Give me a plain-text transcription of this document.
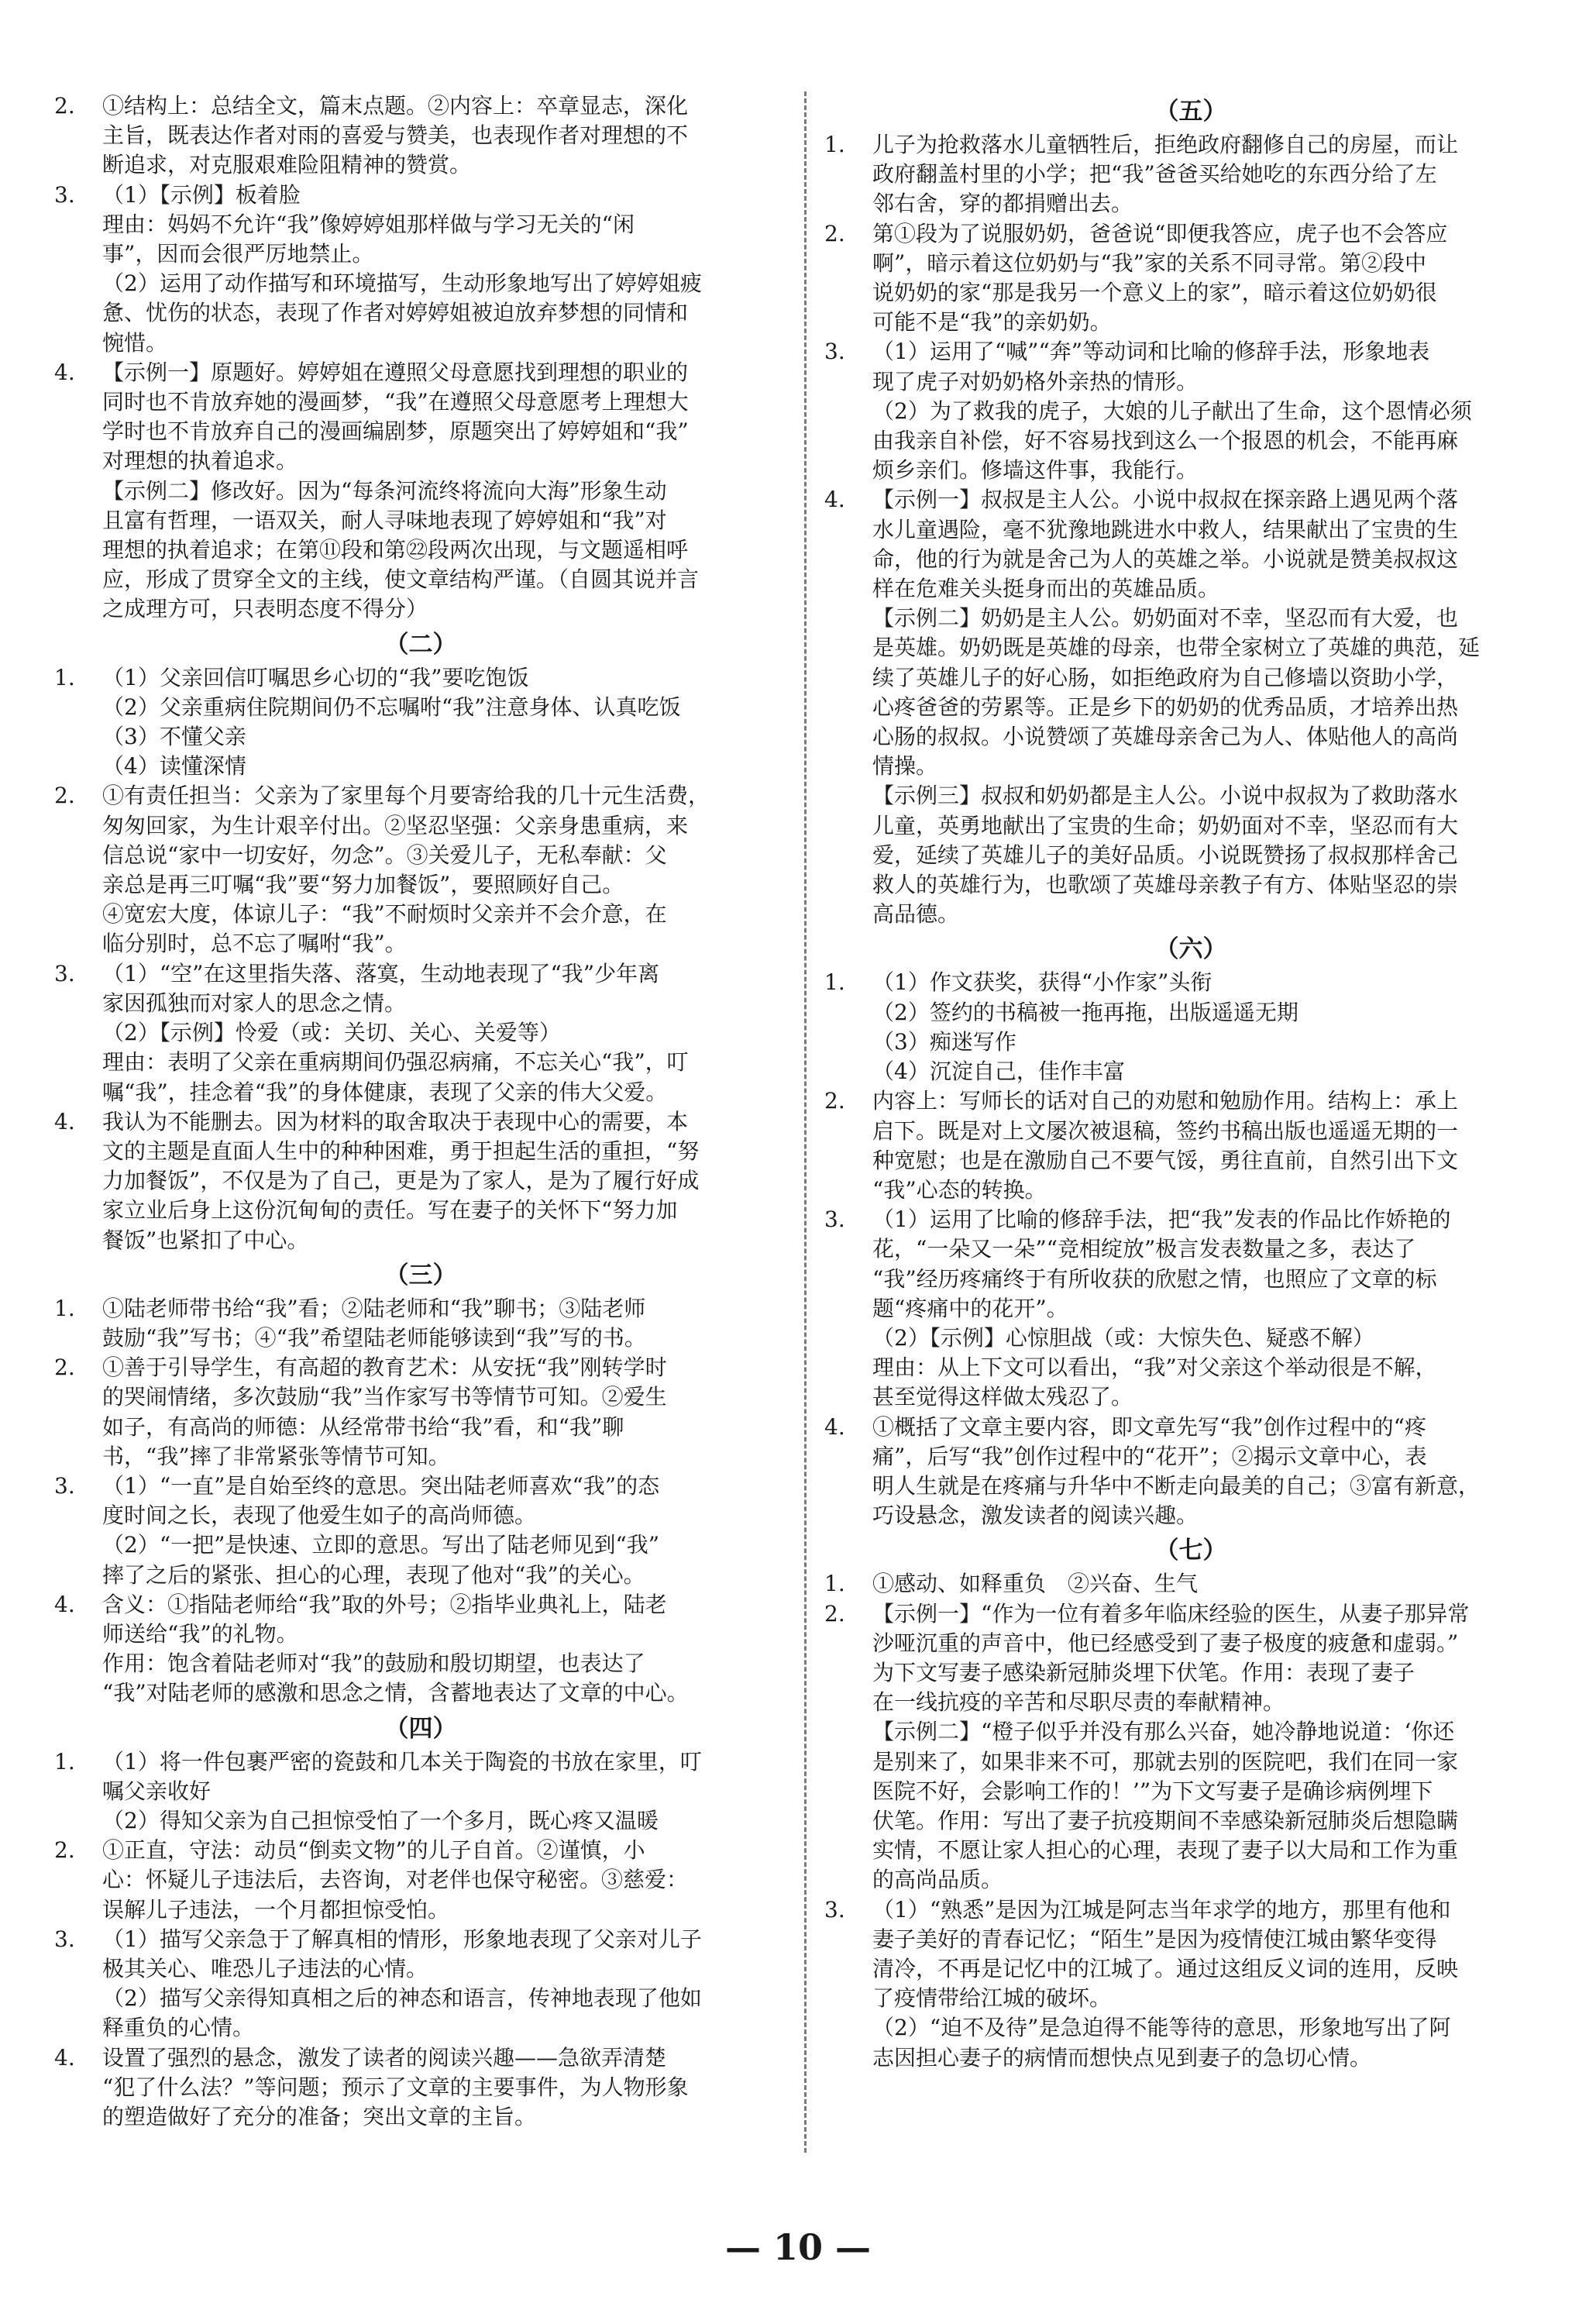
2. ①结构上：总结全文，篇末点题。②内容上：卒章显志，深化
主旨，既表达作者对雨的喜爱与赞美，也表现作者对理想的不
断追求，对克服艰难险阻精神的赞赏。
3. （1）【示例】板着脸
理由：妈妈不允许“我”像婷婷姐那样做与学习无关的“闲
事”，因而会很严厉地禁止。
（2）运用了动作描写和环境描写，生动形象地写出了婷婷姐疲
惫、忧伤的状态，表现了作者对婷婷姐被迫放弃梦想的同情和
惋惜。
4. 【示例一】原题好。婷婷姐在遵照父母意愿找到理想的职业的
同时也不肯放弃她的漫画梦，“我”在遵照父母意愿考上理想大
学时也不肯放弃自己的漫画编剧梦，原题突出了婷婷姐和“我”
对理想的执着追求。
【示例二】修改好。因为“每条河流终将流向大海”形象生动
且富有哲理，一语双关，耐人寻味地表现了婷婷姐和“我”对
理想的执着追求；在第⑪段和第㉒段两次出现，与文题遥相呼
应，形成了贯穿全文的主线，使文章结构严谨。（自圆其说并言
之成理方可，只表明态度不得分）
（二）
1. （1）父亲回信叮嘱思乡心切的“我”要吃饱饭
（2）父亲重病住院期间仍不忘嘱咐“我”注意身体、认真吃饭
（3）不懂父亲
（4）读懂深情
2. ①有责任担当：父亲为了家里每个月要寄给我的几十元生活费，
匆匆回家，为生计艰辛付出。②坚忍坚强：父亲身患重病，来
信总说“家中一切安好，勿念”。③关爱儿子，无私奉献：父
亲总是再三叮嘱“我”要“努力加餐饭”，要照顾好自己。
④宽宏大度，体谅儿子：“我”不耐烦时父亲并不会介意，在
临分别时，总不忘了嘱咐“我”。
3. （1）“空”在这里指失落、落寞，生动地表现了“我”少年离
家因孤独而对家人的思念之情。
（2）【示例】怜爱（或：关切、关心、关爱等）
理由：表明了父亲在重病期间仍强忍病痛，不忘关心“我”，叮
嘱“我”，挂念着“我”的身体健康，表现了父亲的伟大父爱。
4. 我认为不能删去。因为材料的取舍取决于表现中心的需要，本
文的主题是直面人生中的种种困难，勇于担起生活的重担，“努
力加餐饭”，不仅是为了自己，更是为了家人，是为了履行好成
家立业后身上这份沉甸甸的责任。写在妻子的关怀下“努力加
餐饭”也紧扣了中心。
（三）
1. ①陆老师带书给“我”看；②陆老师和“我”聊书；③陆老师
鼓励“我”写书；④“我”希望陆老师能够读到“我”写的书。
2. ①善于引导学生，有高超的教育艺术：从安抚“我”刚转学时
的哭闹情绪，多次鼓励“我”当作家写书等情节可知。②爱生
如子，有高尚的师德：从经常带书给“我”看，和“我”聊
书，“我”摔了非常紧张等情节可知。
3. （1）“一直”是自始至终的意思。突出陆老师喜欢“我”的态
度时间之长，表现了他爱生如子的高尚师德。
（2）“一把”是快速、立即的意思。写出了陆老师见到“我”
摔了之后的紧张、担心的心理，表现了他对“我”的关心。
4. 含义：①指陆老师给“我”取的外号；②指毕业典礼上，陆老
师送给“我”的礼物。
作用：饱含着陆老师对“我”的鼓励和殷切期望，也表达了
“我”对陆老师的感激和思念之情，含蓄地表达了文章的中心。
（四）
1. （1）将一件包裹严密的瓷鼓和几本关于陶瓷的书放在家里，叮
嘱父亲收好
（2）得知父亲为自己担惊受怕了一个多月，既心疼又温暖
2. ①正直，守法：动员“倒卖文物”的儿子自首。②谨慎，小
心：怀疑儿子违法后，去咨询，对老伴也保守秘密。③慈爱：
误解儿子违法，一个月都担惊受怕。
3. （1）描写父亲急于了解真相的情形，形象地表现了父亲对儿子
极其关心、唯恐儿子违法的心情。
（2）描写父亲得知真相之后的神态和语言，传神地表现了他如
释重负的心情。
4. 设置了强烈的悬念，激发了读者的阅读兴趣——急欲弄清楚
“犯了什么法？”等问题；预示了文章的主要事件，为人物形象
的塑造做好了充分的准备；突出文章的主旨。
（五）
1. 儿子为抢救落水儿童牺牲后，拒绝政府翻修自己的房屋，而让
政府翻盖村里的小学；把“我”爸爸买给她吃的东西分给了左
邻右舍，穿的都捐赠出去。
2. 第①段为了说服奶奶，爸爸说“即便我答应，虎子也不会答应
啊”，暗示着这位奶奶与“我”家的关系不同寻常。第②段中
说奶奶的家“那是我另一个意义上的家”，暗示着这位奶奶很
可能不是“我”的亲奶奶。
3. （1）运用了“喊”“奔”等动词和比喻的修辞手法，形象地表
现了虎子对奶奶格外亲热的情形。
（2）为了救我的虎子，大娘的儿子献出了生命，这个恩情必须
由我亲自补偿，好不容易找到这么一个报恩的机会，不能再麻
烦乡亲们。修墙这件事，我能行。
4. 【示例一】叔叔是主人公。小说中叔叔在探亲路上遇见两个落
水儿童遇险，毫不犹豫地跳进水中救人，结果献出了宝贵的生
命，他的行为就是舍己为人的英雄之举。小说就是赞美叔叔这
样在危难关头挺身而出的英雄品质。
【示例二】奶奶是主人公。奶奶面对不幸，坚忍而有大爱，也
是英雄。奶奶既是英雄的母亲，也带全家树立了英雄的典范，延
续了英雄儿子的好心肠，如拒绝政府为自己修墙以资助小学，
心疼爸爸的劳累等。正是乡下的奶奶的优秀品质，才培养出热
心肠的叔叔。小说赞颂了英雄母亲舍己为人、体贴他人的高尚
情操。
【示例三】叔叔和奶奶都是主人公。小说中叔叔为了救助落水
儿童，英勇地献出了宝贵的生命；奶奶面对不幸，坚忍而有大
爱，延续了英雄儿子的美好品质。小说既赞扬了叔叔那样舍己
救人的英雄行为，也歌颂了英雄母亲教子有方、体贴坚忍的崇
高品德。
（六）
1. （1）作文获奖，获得“小作家”头衔
（2）签约的书稿被一拖再拖，出版遥遥无期
（3）痴迷写作
（4）沉淀自己，佳作丰富
2. 内容上：写师长的话对自己的劝慰和勉励作用。结构上：承上
启下。既是对上文屡次被退稿，签约书稿出版也遥遥无期的一
种宽慰；也是在激励自己不要气馁，勇往直前，自然引出下文
“我”心态的转换。
3. （1）运用了比喻的修辞手法，把“我”发表的作品比作娇艳的
花，“一朵又一朵”“竞相绽放”极言发表数量之多，表达了
“我”经历疼痛终于有所收获的欣慰之情，也照应了文章的标
题“疼痛中的花开”。
（2）【示例】心惊胆战（或：大惊失色、疑惑不解）
理由：从上下文可以看出，“我”对父亲这个举动很是不解，
甚至觉得这样做太残忍了。
4. ①概括了文章主要内容，即文章先写“我”创作过程中的“疼
痛”，后写“我”创作过程中的“花开”；②揭示文章中心，表
明人生就是在疼痛与升华中不断走向最美的自己；③富有新意，
巧设悬念，激发读者的阅读兴趣。
（七）
1. ①感动、如释重负　②兴奋、生气
2. 【示例一】“作为一位有着多年临床经验的医生，从妻子那异常
沙哑沉重的声音中，他已经感受到了妻子极度的疲惫和虚弱。”
为下文写妻子感染新冠肺炎埋下伏笔。作用：表现了妻子
在一线抗疫的辛苦和尽职尽责的奉献精神。
【示例二】“橙子似乎并没有那么兴奋，她冷静地说道：‘你还
是别来了，如果非来不可，那就去别的医院吧，我们在同一家
医院不好，会影响工作的！’”为下文写妻子是确诊病例埋下
伏笔。作用：写出了妻子抗疫期间不幸感染新冠肺炎后想隐瞒
实情，不愿让家人担心的心理，表现了妻子以大局和工作为重
的高尚品质。
3. （1）“熟悉”是因为江城是阿志当年求学的地方，那里有他和
妻子美好的青春记忆；“陌生”是因为疫情使江城由繁华变得
清冷，不再是记忆中的江城了。通过这组反义词的连用，反映
了疫情带给江城的破坏。
（2）“迫不及待”是急迫得不能等待的意思，形象地写出了阿
志因担心妻子的病情而想快点见到妻子的急切心情。
— 10 —
